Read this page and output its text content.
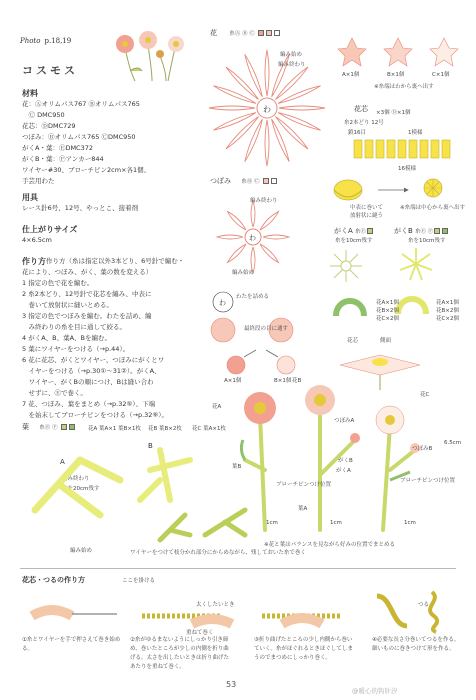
Photo p.18,19
コスモス
材料
花：Ⓐオリムパス767 Ⓑオリムパス765
　Ⓒ DMC950
花芯：ⒹDMC729
つぼみ：Ⓑオリムパス765 ⒸDMC950
がくA・葉：ⒺDMC372
がくB・葉：Ⓕアンカー844
ワイヤー#30、ブローチピン2cm×各1個、
手芸用わた
用具
レース針6号、12号、やっとこ、接着剤
仕上がりサイズ
4×6.5cm
作り方 作り方（糸は指定以外3本どり、6号針で編む・
花により、つぼみ、がく、葉の数を変える）
1 指定の色で花を編む。
2 糸2本どり、12号針で花芯を編み、中表に
　巻いて放射状に縫いとめる。
3 指定の色でつぼみを編む。わたを詰め、編
　み終わりの糸を目に通して絞る。
4 がくA、B、葉A、Bを編む。
5 葉にワイヤーをつける（→p.44）。
6 花に花芯、がくとワイヤー、つぼみにがくとワ
　イヤーをつける（→p.30①〜31②）。がくA、
　ワイヤー、がくBの順につけ、Bは縫い合わ
　せずに、Ⓔで巻く。
7 花、つぼみ、葉をまとめ（→p.32⑤）、下端
　を始末してブローチピンをつける（→p.32⑨）。
花 糸Ⓐ Ⓑ Ⓒ
わ
編み始め
編み終わり
A×1個	B×1個	C×1個
※糸端はわから裏へ出す
花芯 ×3個 Ⓓ×1個
糸2本どり 12号
鎖16目	1模様
16模様
中表に巻いて
放射状に縫う
※糸端は中心から裏へ出す
つぼみ 糸Ⓑ Ⓒ
わ
編み終わり
編み始め
がくA 糸Ⓔ	がくB 糸Ⓔ Ⓕ
糸を10cm残す	糸を10cm残す
花A×1個
花B×2個
花C×2個
花A×1個
花B×2個
花C×2個
わ
わたを詰める
最終段の目に通す
A×1個	B×1個
花芯	側面
花A
花B
花C
つぼみA
つぼみB
がくB
がくA
ブローチピンつけ位置
ブローチピンつけ位置
葉A
葉B
6.5cm
1cm	1cm	1cm
※花と葉はバランスを見ながら好みの位置でまとめる
葉 糸Ⓔ Ⓕ	花A 葉A×1 葉B×1枚 花B 葉B×2枚 花C 葉A×1枚
A
B
編み終わり
糸を20cm残す
編み始め	ワイヤーをつけて枝分かれ部分にからめながら、残しておいた糸で巻く
花芯・つるの作り方	ここを掛ける
太くしたいとき
重ねて巻く
つる
①糸とワイヤーを手で押さえて巻き始める。
②糸がゆるまないようにしっかり引き締め、巻いたところが少しの内側を折り曲げる。太さを出したいときは折り曲げたあたりを重ねて巻く。
③折り曲げたところの少し内側から巻いていく。糸がほぐれるときほぐしてしまうのでまつめにしっかり巻く。
④必要な長さ分巻いてつるを作る。細いものに巻きつけて形を作る。
53
@暖心的钩针汐
